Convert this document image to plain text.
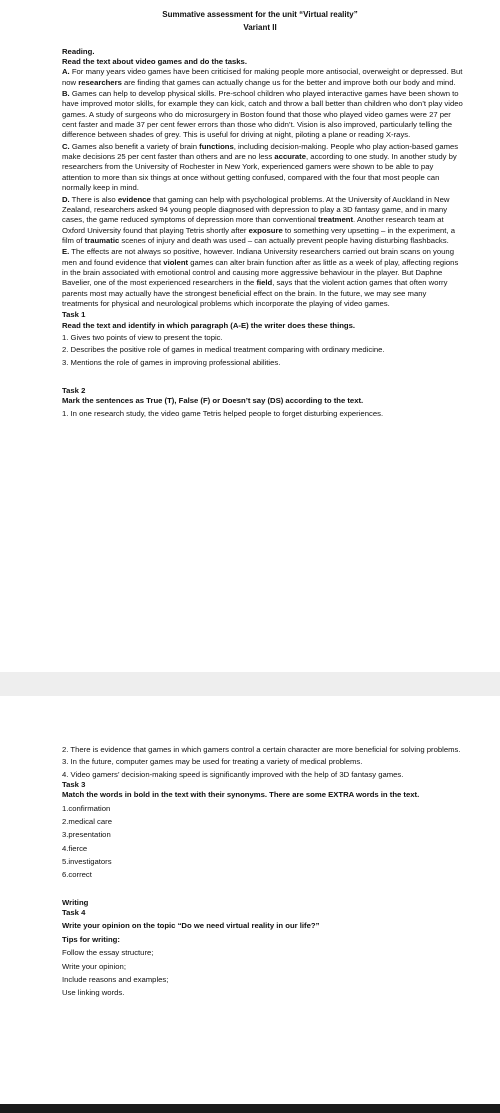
Summative assessment for the unit “Virtual reality”

Variant II

Reading.

Read the text about video games and do the tasks.

A. For many years video games have been criticised for making people more antisocial, overweight or depressed. But now researchers are finding that games can actually change us for the better and improve both our body and mind.

B. Games can help to develop physical skills. Pre-school children who played interactive games have been shown to have improved motor skills, for example they can kick, catch and throw a ball better than children who don’t play video games. A study of surgeons who do microsurgery in Boston found that those who played video games were 27 per cent faster and made 37 per cent fewer errors than those who didn’t. Vision is also improved, particularly telling the difference between shades of grey. This is useful for driving at night, piloting a plane or reading X-rays.

C. Games also benefit a variety of brain functions, including decision-making. People who play action-based games make decisions 25 per cent faster than others and are no less accurate, according to one study. In another study by researchers from the University of Rochester in New York, experienced gamers were shown to be able to pay attention to more than six things at once without getting confused, compared with the four that most people can normally keep in mind.

D. There is also evidence that gaming can help with psychological problems. At the University of Auckland in New Zealand, researchers asked 94 young people diagnosed with depression to play a 3D fantasy game, and in many cases, the game reduced symptoms of depression more than conventional treatment. Another research team at Oxford University found that playing Tetris shortly after exposure to something very upsetting – in the experiment, a film of traumatic scenes of injury and death was used – can actually prevent people having disturbing flashbacks.

E. The effects are not always so positive, however. Indiana University researchers carried out brain scans on young men and found evidence that violent games can alter brain function after as little as a week of play, affecting regions in the brain associated with emotional control and causing more aggressive behaviour in the player. But Daphne Bavelier, one of the most experienced researchers in the field, says that the violent action games that often worry parents most may actually have the strongest beneficial effect on the brain. In the future, we may see many treatments for physical and neurological problems which incorporate the playing of video games.

Task 1

Read the text and identify in which paragraph (A-E) the writer does these things.

1. Gives two points of view to present the topic.

2. Describes the positive role of games in medical treatment comparing with ordinary medicine.

3. Mentions the role of games in improving professional abilities.

Task 2

Mark the sentences as True (T), False (F) or Doesn’t say (DS) according to the text.

1. In one research study, the video game Tetris helped people to forget disturbing experiences.

2. There is evidence that games in which gamers control a certain character are more beneficial for solving problems.

3. In the future, computer games may be used for treating a variety of medical problems.

4. Video gamers’ decision-making speed is significantly improved with the help of 3D fantasy games.

Task 3

Match the words in bold in the text with their synonyms. There are some EXTRA words in the text.

1.confirmation

2.medical care

3.presentation

4.fierce

5.investigators

6.correct

Writing

Task 4

Write your opinion on the topic “Do we need virtual reality in our life?”

Tips for writing:

Follow the essay structure;

Write your opinion;

Include reasons and examples;

Use linking words.
